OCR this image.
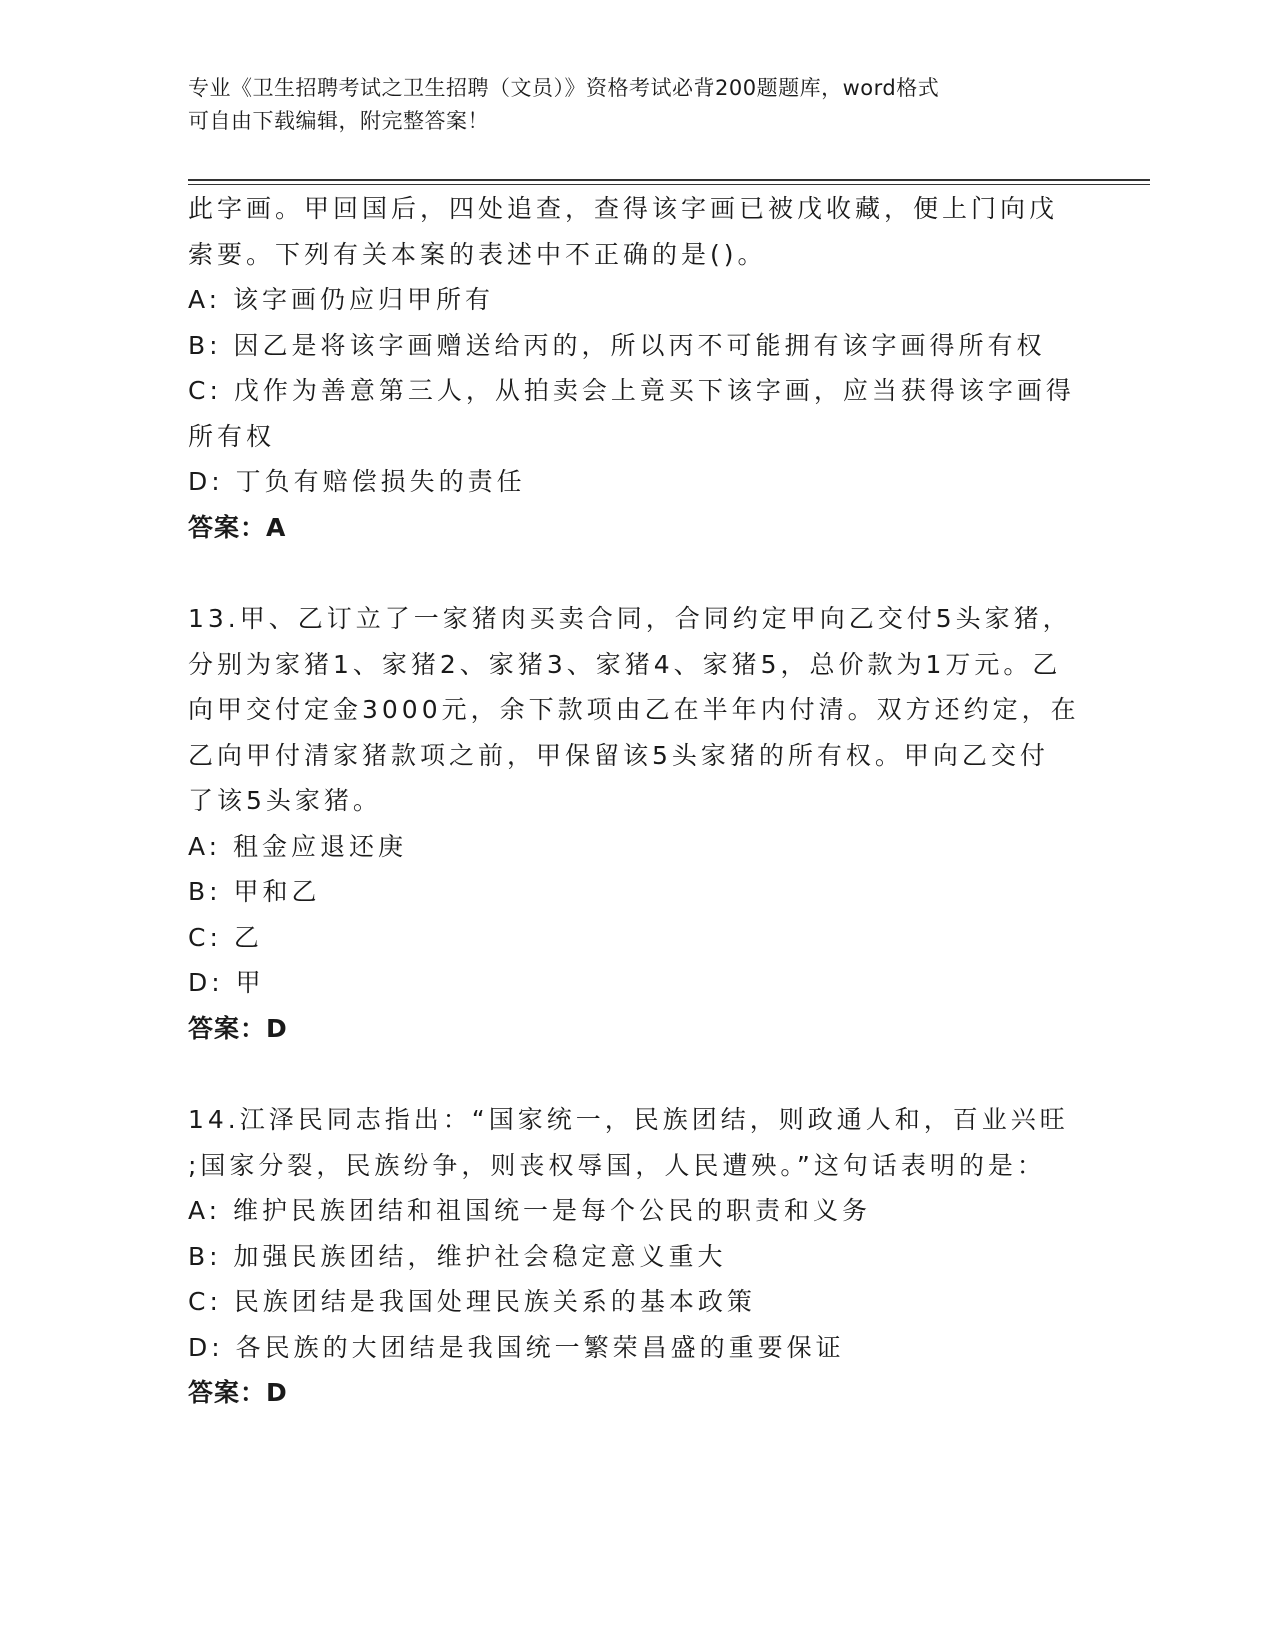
专业《卫生招聘考试之卫生招聘（文员）》资格考试必背200题题库，word格式
可自由下载编辑，附完整答案！
此字画。甲回国后，四处追查，查得该字画已被戊收藏，便上门向戊
索要。下列有关本案的表述中不正确的是()。
A: 该字画仍应归甲所有
B: 因乙是将该字画赠送给丙的，所以丙不可能拥有该字画得所有权
C: 戊作为善意第三人，从拍卖会上竟买下该字画，应当获得该字画得
所有权
D: 丁负有赔偿损失的责任
答案：A
13.甲、乙订立了一家猪肉买卖合同，合同约定甲向乙交付5头家猪，
分别为家猪1、家猪2、家猪3、家猪4、家猪5，总价款为1万元。乙
向甲交付定金3000元，余下款项由乙在半年内付清。双方还约定，在
乙向甲付清家猪款项之前，甲保留该5头家猪的所有权。甲向乙交付
了该5头家猪。
A: 租金应退还庚
B: 甲和乙
C: 乙
D: 甲
答案：D
14.江泽民同志指出：“国家统一，民族团结，则政通人和，百业兴旺
;国家分裂，民族纷争，则丧权辱国，人民遭殃。”这句话表明的是：
A: 维护民族团结和祖国统一是每个公民的职责和义务
B: 加强民族团结，维护社会稳定意义重大
C: 民族团结是我国处理民族关系的基本政策
D: 各民族的大团结是我国统一繁荣昌盛的重要保证
答案：D
